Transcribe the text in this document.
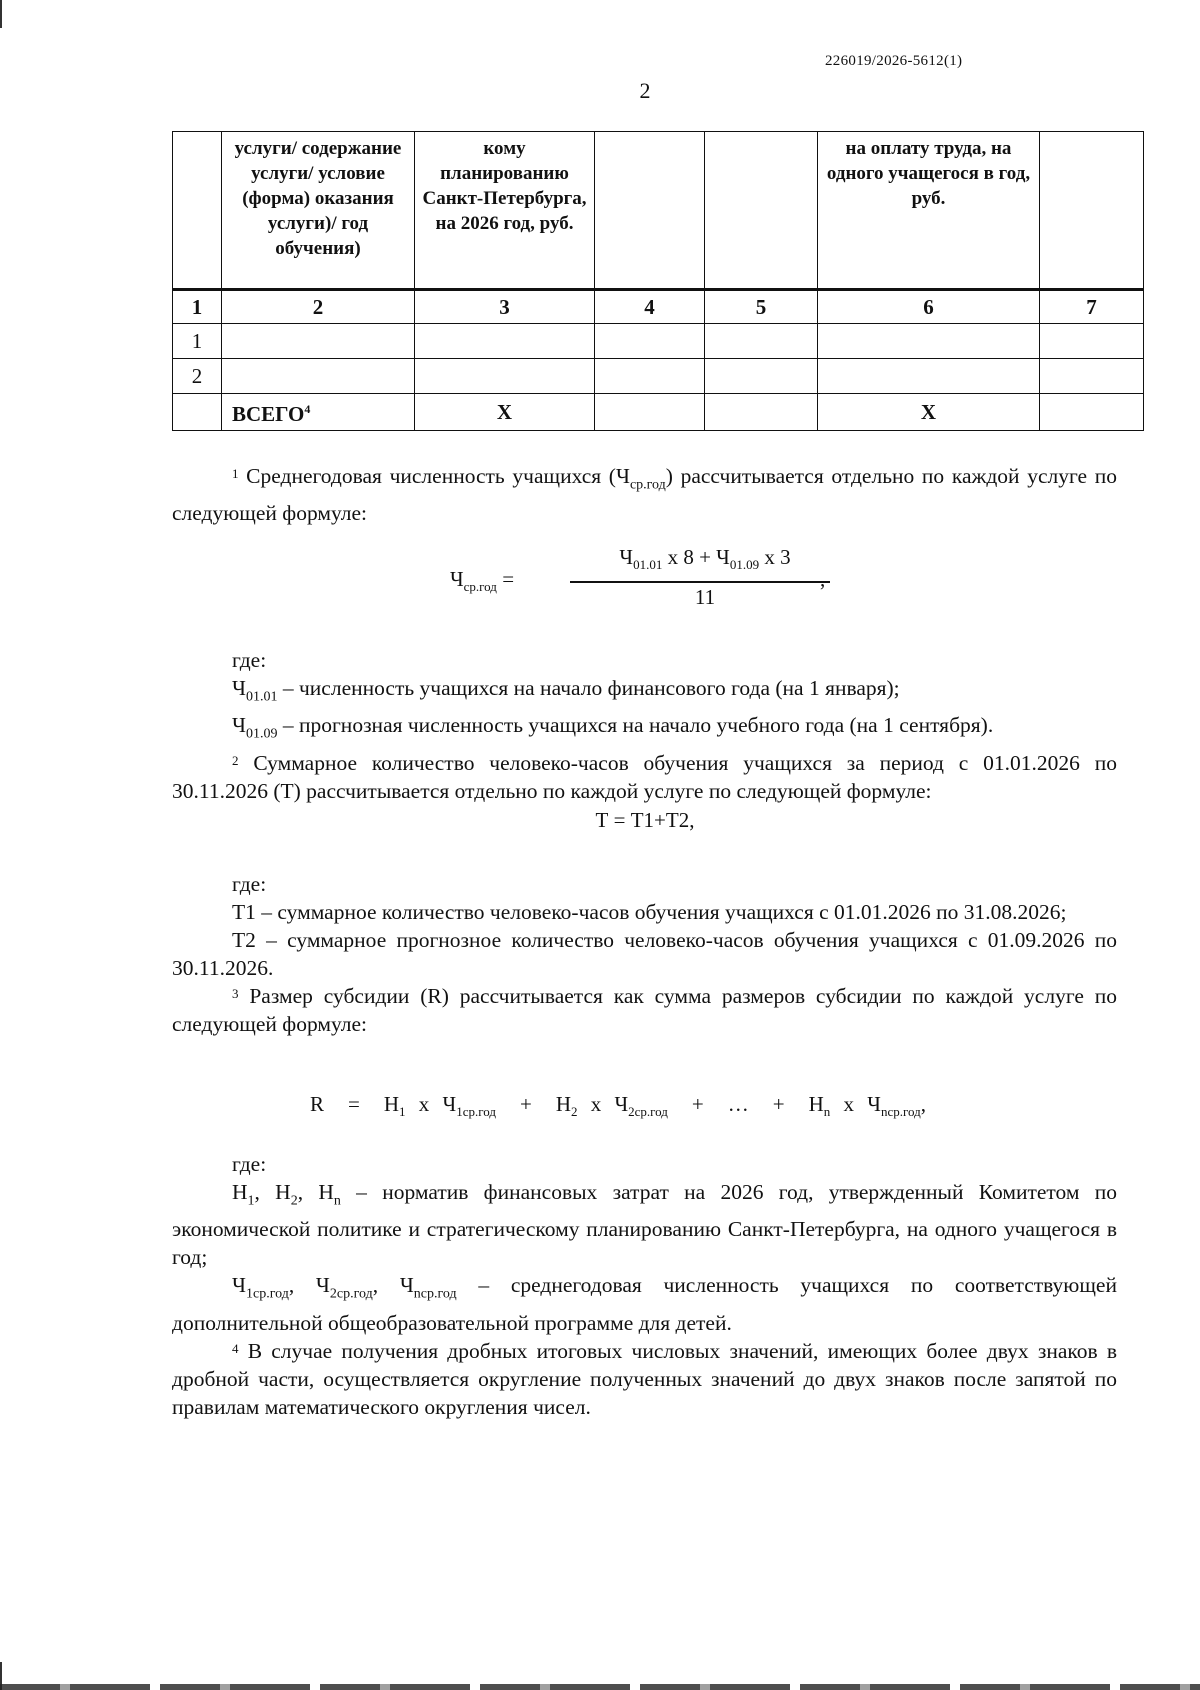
226019/2026-5612(1)
2
	услуги/ содержание услуги/ условие (форма) оказания услуги)/ год обучения)	кому планированию Санкт-Петербурга, на 2026 год, руб.			на оплату труда, на одного учащегося в год, руб.	
1	2	3	4	5	6	7
1						
2						
	ВСЕГО$^4$	Х			Х	
$^1$ Среднегодовая численность учащихся $(Ч_{ср.год})$ рассчитывается отдельно по каждой услуге по следующей формуле:
$Ч_{ср.год}$ =
$Ч_{01.01}$ х $8 + Ч_{01.09}$ х 3
11
,

где:

$Ч_{01.01}$ – численность учащихся на начало финансового года (на 1 января);

$Ч_{01.09}$ – прогнозная численность учащихся на начало учебного года (на 1 сентября).

$^2$ Суммарное количество человеко-часов обучения учащихся за период с 01.01.2026 по 30.11.2026 (Т) рассчитывается отдельно по каждой услуге по следующей формуле:

Т = Т1+Т2,

где:

Т1 – суммарное количество человеко-часов обучения учащихся с 01.01.2026 по 31.08.2026;

Т2 – суммарное прогнозное количество человеко-часов обучения учащихся с 01.09.2026 по 30.11.2026.

$^3$ Размер субсидии (R) рассчитывается как сумма размеров субсидии по каждой услуге по следующей формуле:

$R = Н_1$ х $Ч_{1ср.год} + Н_2$ х $Ч_{2ср.год}$ + … + $Н_n$ х $Ч_{nср.год}$,

где:

$Н_1$, $Н_2$, $Н_n$ – норматив финансовых затрат на 2026 год, утвержденный Комитетом по экономической политике и стратегическому планированию Санкт-Петербурга, на одного учащегося в год;

$Ч_{1ср.год}$, $Ч_{2ср.год}$, $Ч_{nср.год}$ – среднегодовая численность учащихся по соответствующей дополнительной общеобразовательной программе для детей.

$^4$ В случае получения дробных итоговых числовых значений, имеющих более двух знаков в дробной части, осуществляется округление полученных значений до двух знаков после запятой по правилам математического округления чисел.
